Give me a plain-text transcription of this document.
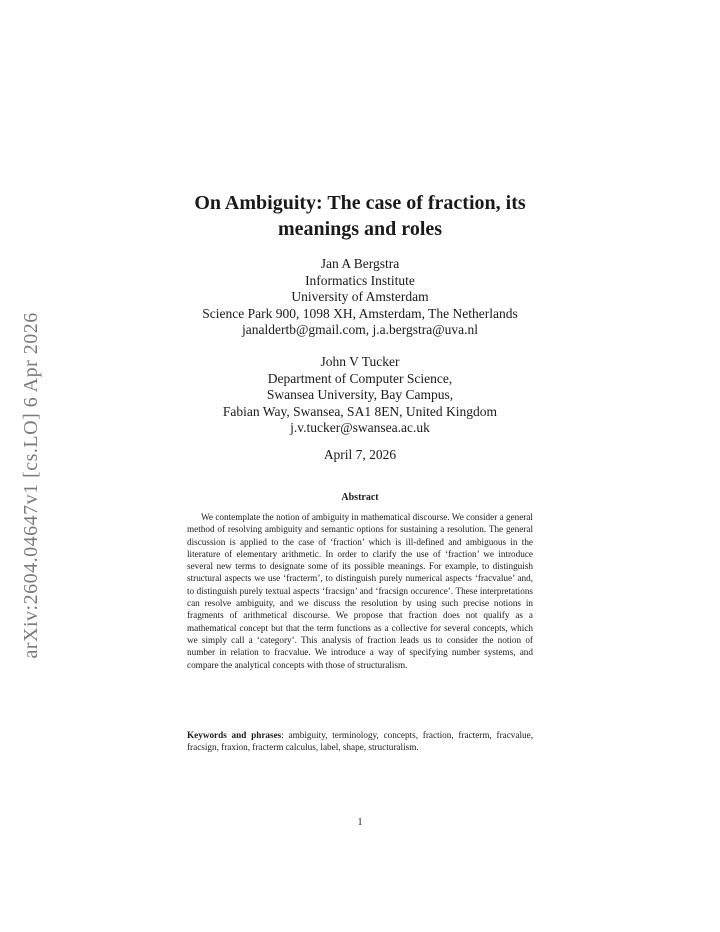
arXiv:2604.04647v1 [cs.LO] 6 Apr 2026
On Ambiguity: The case of fraction, its
meanings and roles
Jan A Bergstra
Informatics Institute
University of Amsterdam
Science Park 900, 1098 XH, Amsterdam, The Netherlands
janaldertb@gmail.com, j.a.bergstra@uva.nl
John V Tucker
Department of Computer Science,
Swansea University, Bay Campus,
Fabian Way, Swansea, SA1 8EN, United Kingdom
j.v.tucker@swansea.ac.uk
April 7, 2026
Abstract
We contemplate the notion of ambiguity in mathematical discourse. We consider a general method of resolving ambiguity and semantic options for sustaining a resolution. The general discussion is applied to the case of ‘fraction’ which is ill-defined and ambiguous in the literature of elementary arithmetic. In order to clarify the use of ‘fraction’ we introduce several new terms to designate some of its possible meanings. For example, to distinguish structural aspects we use ‘fracterm’, to distinguish purely numerical aspects ‘fracvalue’ and, to distinguish purely textual aspects ‘fracsign’ and ‘fracsign occurence’. These interpretations can resolve ambiguity, and we discuss the resolution by using such precise notions in fragments of arithmetical discourse. We propose that fraction does not qualify as a mathematical concept but that the term functions as a collective for several concepts, which we simply call a ‘category’. This analysis of fraction leads us to consider the notion of number in relation to fracvalue. We introduce a way of specifying number systems, and compare the analytical concepts with those of structuralism.
Keywords and phrases: ambiguity, terminology, concepts, fraction, fracterm, fracvalue, fracsign, fraxion, fracterm calculus, label, shape, structuralism.
1
